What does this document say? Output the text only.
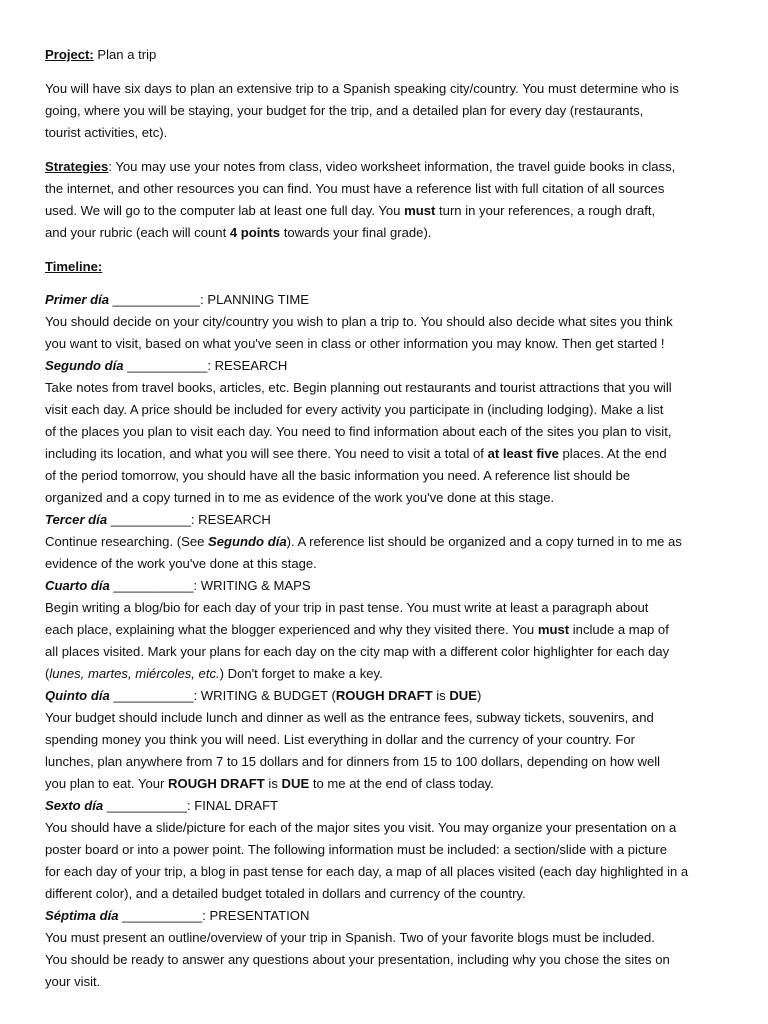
Project: Plan a trip
You will have six days to plan an extensive trip to a Spanish speaking city/country. You must determine who is
going, where you will be staying, your budget for the trip, and a detailed plan for every day (restaurants,
tourist activities, etc).
Strategies: You may use your notes from class, video worksheet information, the travel guide books in class,
the internet, and other resources you can find. You must have a reference list with full citation of all sources
used. We will go to the computer lab at least one full day. You must turn in your references, a rough draft,
and your rubric (each will count 4 points towards your final grade).
Timeline:
Primer día ____________: PLANNING TIME
You should decide on your city/country you wish to plan a trip to. You should also decide what sites you think
you want to visit, based on what you've seen in class or other information you may know. Then get started !
Segundo día ___________: RESEARCH
Take notes from travel books, articles, etc. Begin planning out restaurants and tourist attractions that you will
visit each day. A price should be included for every activity you participate in (including lodging). Make a list
of the places you plan to visit each day. You need to find information about each of the sites you plan to visit,
including its location, and what you will see there. You need to visit a total of at least five places. At the end
of the period tomorrow, you should have all the basic information you need. A reference list should be
organized and a copy turned in to me as evidence of the work you've done at this stage.
Tercer día ___________: RESEARCH
Continue researching. (See Segundo día). A reference list should be organized and a copy turned in to me as
evidence of the work you've done at this stage.
Cuarto día ___________: WRITING & MAPS
Begin writing a blog/bio for each day of your trip in past tense. You must write at least a paragraph about
each place, explaining what the blogger experienced and why they visited there. You must include a map of
all places visited. Mark your plans for each day on the city map with a different color highlighter for each day
(lunes, martes, miércoles, etc.) Don't forget to make a key.
Quinto día ___________: WRITING & BUDGET (ROUGH DRAFT is DUE)
Your budget should include lunch and dinner as well as the entrance fees, subway tickets, souvenirs, and
spending money you think you will need. List everything in dollar and the currency of your country. For
lunches, plan anywhere from 7 to 15 dollars and for dinners from 15 to 100 dollars, depending on how well
you plan to eat. Your ROUGH DRAFT is DUE to me at the end of class today.
Sexto día ___________: FINAL DRAFT
You should have a slide/picture for each of the major sites you visit. You may organize your presentation on a
poster board or into a power point. The following information must be included: a section/slide with a picture
for each day of your trip, a blog in past tense for each day, a map of all places visited (each day highlighted in a
different color), and a detailed budget totaled in dollars and currency of the country.
Séptima día ___________: PRESENTATION
You must present an outline/overview of your trip in Spanish. Two of your favorite blogs must be included.
You should be ready to answer any questions about your presentation, including why you chose the sites on
your visit.
